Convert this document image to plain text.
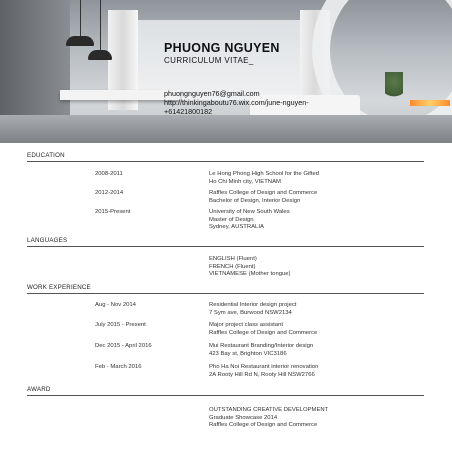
PHUONG NGUYEN
CURRICULUM VITAE_
phuongnguyen76@gmail.com
http://thinkingaboutu76.wix.com/june-nguyen-
+61421800182
EDUCATION
2008-2011	Le Hong Phong High School for the Gifted
Ho Chi Minh city, VIETNAM
2012-2014	Raffles College of Design and Commerce
Bachelor of Design, Interior Design
2015-Present	University of New South Wales
Master of Design
Sydney, AUSTRALIA
LANGUAGES
ENGLISH (Fluent)
FRENCH (Fluent)
VIETNAMESE (Mother tongue)
WORK EXPERIENCE
Aug - Nov 2014	Residential Interior design project
7 Sym ave, Burwood NSW2134
July 2015 - Present	Major project class assistant
Raffles College of Design and Commerce
Dec 2015 - April 2016	Mui Restaurant Branding/Interior design
423 Bay st, Brighton VIC3186
Feb - March 2016	Pho Ha Noi Restaurant interior renovation
2A Rooty Hill Rd N, Rooty Hill NSW2766
AWARD
OUTSTANDING CREATIVE DEVELOPMENT
Graduate Showcase 2014
Raffles College of Design and Commerce
